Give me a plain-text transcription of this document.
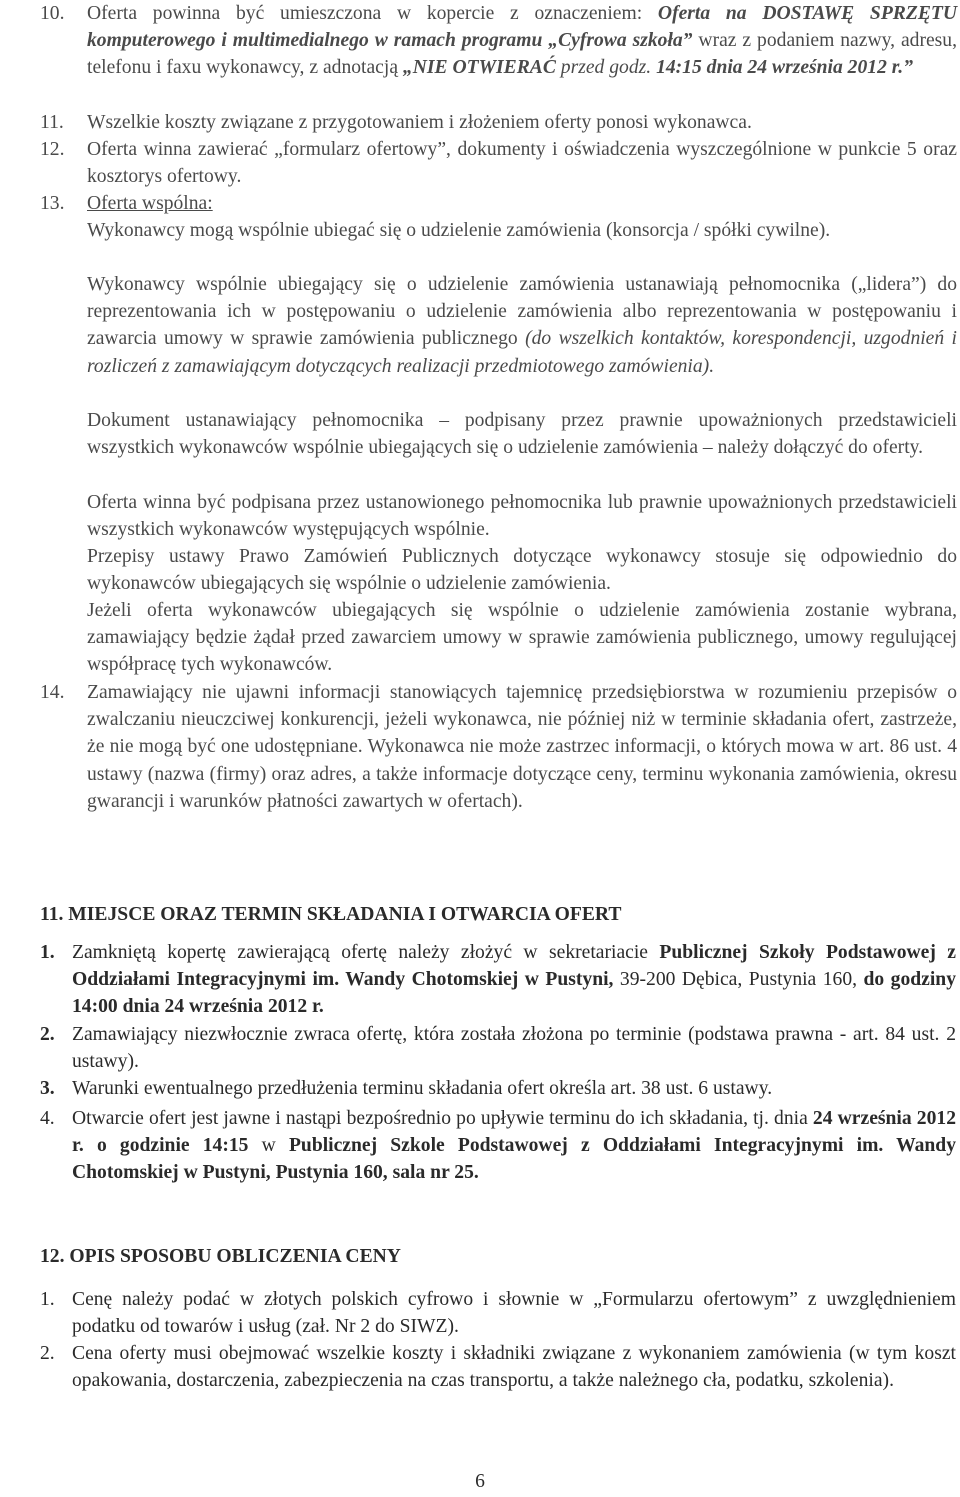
10. Oferta powinna być umieszczona w kopercie z oznaczeniem: Oferta na DOSTAWĘ SPRZĘTU komputerowego i multimedialnego w ramach programu „Cyfrowa szkoła” wraz z podaniem nazwy, adresu, telefonu i faxu wykonawcy, z adnotacją „NIE OTWIERAĆ przed godz. 14:15 dnia 24 września 2012 r.”
11. Wszelkie koszty związane z przygotowaniem i złożeniem oferty ponosi wykonawca.
12. Oferta winna zawierać „formularz ofertowy”, dokumenty i oświadczenia wyszczególnione w punkcie 5 oraz kosztorys ofertowy.
13. Oferta wspólna:
Wykonawcy mogą wspólnie ubiegać się o udzielenie zamówienia (konsorcja / spółki cywilne).
Wykonawcy wspólnie ubiegający się o udzielenie zamówienia ustanawiają pełnomocnika („lidera”) do reprezentowania ich w postępowaniu o udzielenie zamówienia albo reprezentowania w postępowaniu i zawarcia umowy w sprawie zamówienia publicznego (do wszelkich kontaktów, korespondencji, uzgodnień i rozliczeń z zamawiającym dotyczących realizacji przedmiotowego zamówienia).
Dokument ustanawiający pełnomocnika – podpisany przez prawnie upoważnionych przedstawicieli wszystkich wykonawców wspólnie ubiegających się o udzielenie zamówienia – należy dołączyć do oferty.
Oferta winna być podpisana przez ustanowionego pełnomocnika lub prawnie upoważnionych przedstawicieli wszystkich wykonawców występujących wspólnie.
Przepisy ustawy Prawo Zamówień Publicznych dotyczące wykonawcy stosuje się odpowiednio do wykonawców ubiegających się wspólnie o udzielenie zamówienia.
Jeżeli oferta wykonawców ubiegających się wspólnie o udzielenie zamówienia zostanie wybrana, zamawiający będzie żądał przed zawarciem umowy w sprawie zamówienia publicznego, umowy regulującej współpracę tych wykonawców.
14. Zamawiający nie ujawni informacji stanowiących tajemnicę przedsiębiorstwa w rozumieniu przepisów o zwalczaniu nieuczciwej konkurencji, jeżeli wykonawca, nie później niż w terminie składania ofert, zastrzeże, że nie mogą być one udostępniane. Wykonawca nie może zastrzec informacji, o których mowa w art. 86 ust. 4 ustawy (nazwa (firmy) oraz adres, a także informacje dotyczące ceny, terminu wykonania zamówienia, okresu gwarancji i warunków płatności zawartych w ofertach).
11. MIEJSCE ORAZ TERMIN SKŁADANIA I OTWARCIA OFERT
1. Zamkniętą kopertę zawierającą ofertę należy złożyć w sekretariacie Publicznej Szkoły Podstawowej z Oddziałami Integracyjnymi im. Wandy Chotomskiej w Pustyni, 39-200 Dębica, Pustynia 160, do godziny 14:00 dnia 24 września 2012 r.
2. Zamawiający niezwłocznie zwraca ofertę, która została złożona po terminie (podstawa prawna - art. 84 ust. 2 ustawy).
3. Warunki ewentualnego przedłużenia terminu składania ofert określa art. 38 ust. 6 ustawy.
4. Otwarcie ofert jest jawne i nastąpi bezpośrednio po upływie terminu do ich składania, tj. dnia 24 września 2012 r. o godzinie 14:15 w Publicznej Szkole Podstawowej z Oddziałami Integracyjnymi im. Wandy Chotomskiej w Pustyni, Pustynia 160, sala nr 25.
12. OPIS SPOSOBU OBLICZENIA CENY
1. Cenę należy podać w złotych polskich cyfrowo i słownie w „Formularzu ofertowym” z uwzględnieniem podatku od towarów i usług (zał. Nr 2 do SIWZ).
2. Cena oferty musi obejmować wszelkie koszty i składniki związane z wykonaniem zamówienia (w tym koszt opakowania, dostarczenia, zabezpieczenia na czas transportu, a także należnego cła, podatku, szkolenia).
6
